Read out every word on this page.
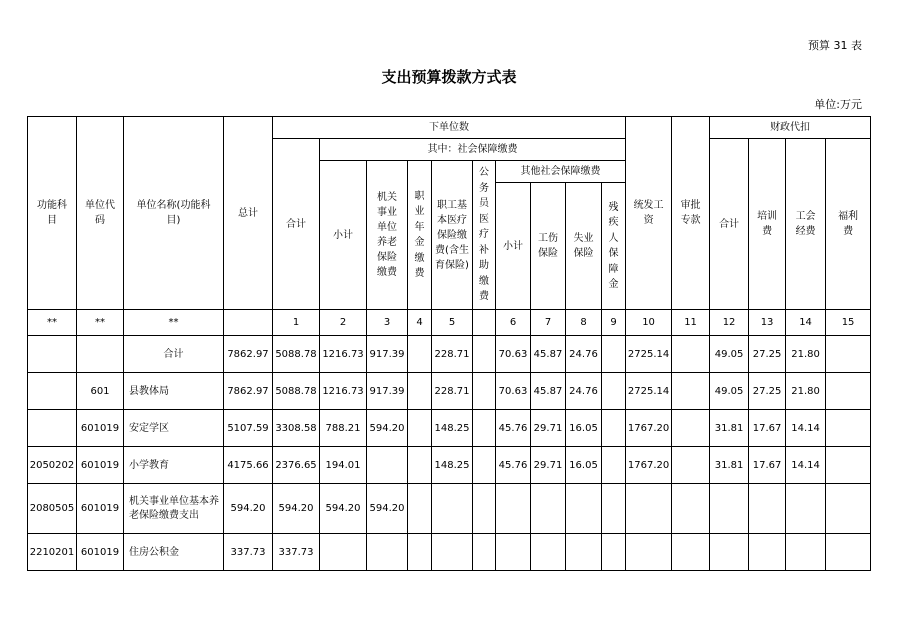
预算 31 表
支出预算拨款方式表
单位:万元
功能科目	单位代码	单位名称(功能科目)	总计	下单位数										统发工资	审批专款	财政代扣			
				合计	其中：社会保障缴费											合计	培训费	工会经费	福利费

					小计	机关事业单位养老保险缴费	职业年金缴费	职工基本医疗保险缴费(含生育保险)	公务员医疗补助缴费	其他社会保障缴费									
										小计	工伤保险	失业保险	残疾人保障金						

**	**	**		1	2	3	4	5		6	7	8	9	10	11	12	13	14	15
		合计	7862.97	5088.78	1216.73	917.39		228.71		70.63	45.87	24.76		2725.14		49.05	27.25	21.80	
	601	县教体局	7862.97	5088.78	1216.73	917.39		228.71		70.63	45.87	24.76		2725.14		49.05	27.25	21.80	
	601019	安定学区	5107.59	3308.58	788.21	594.20		148.25		45.76	29.71	16.05		1767.20		31.81	17.67	14.14	
2050202	601019	小学教育	4175.66	2376.65	194.01			148.25		45.76	29.71	16.05		1767.20		31.81	17.67	14.14	
2080505	601019	机关事业单位基本养老保险缴费支出	594.20	594.20	594.20	594.20													
2210201	601019	住房公积金	337.73	337.73															
